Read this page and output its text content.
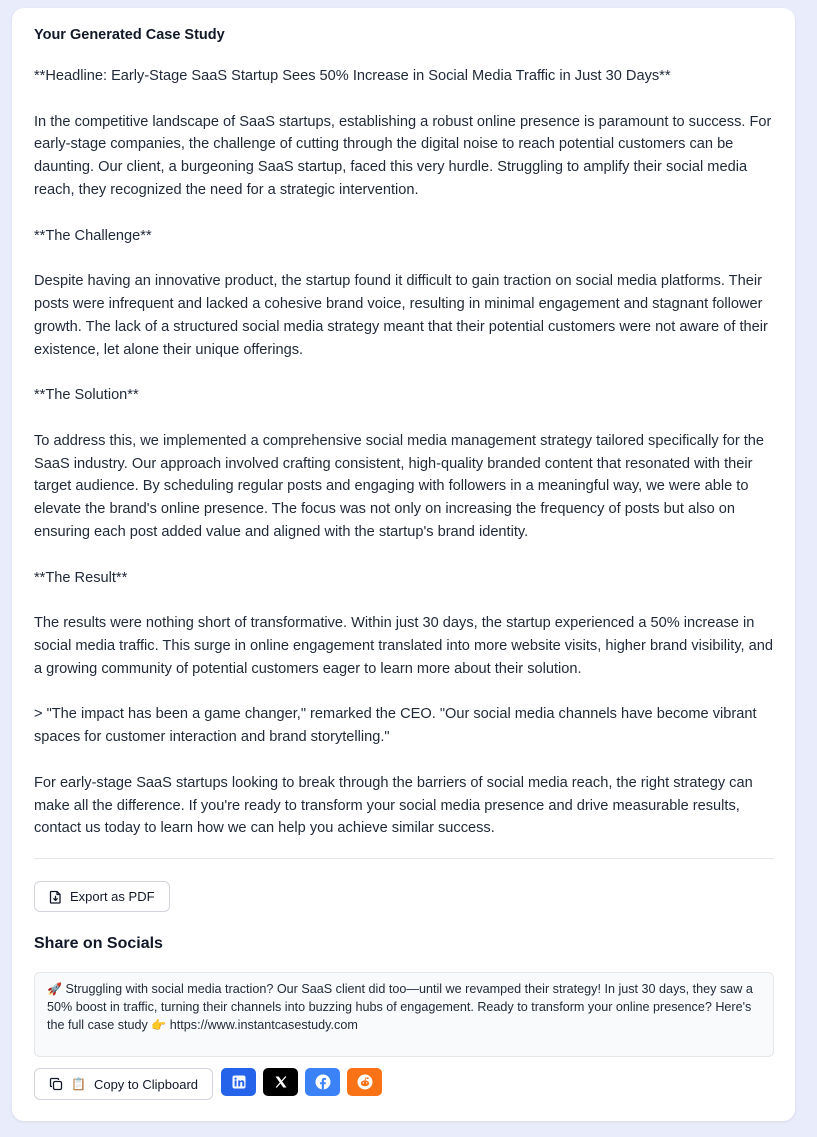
Your Generated Case Study

**Headline: Early-Stage SaaS Startup Sees 50% Increase in Social Media Traffic in Just 30 Days**

In the competitive landscape of SaaS startups, establishing a robust online presence is paramount to success. For early-stage companies, the challenge of cutting through the digital noise to reach potential customers can be daunting. Our client, a burgeoning SaaS startup, faced this very hurdle. Struggling to amplify their social media reach, they recognized the need for a strategic intervention.

**The Challenge**

Despite having an innovative product, the startup found it difficult to gain traction on social media platforms. Their posts were infrequent and lacked a cohesive brand voice, resulting in minimal engagement and stagnant follower growth. The lack of a structured social media strategy meant that their potential customers were not aware of their existence, let alone their unique offerings.

**The Solution**

To address this, we implemented a comprehensive social media management strategy tailored specifically for the SaaS industry. Our approach involved crafting consistent, high-quality branded content that resonated with their target audience. By scheduling regular posts and engaging with followers in a meaningful way, we were able to elevate the brand's online presence. The focus was not only on increasing the frequency of posts but also on ensuring each post added value and aligned with the startup's brand identity.

**The Result**

The results were nothing short of transformative. Within just 30 days, the startup experienced a 50% increase in social media traffic. This surge in online engagement translated into more website visits, higher brand visibility, and a growing community of potential customers eager to learn more about their solution.

> "The impact has been a game changer," remarked the CEO. "Our social media channels have become vibrant spaces for customer interaction and brand storytelling."

For early-stage SaaS startups looking to break through the barriers of social media reach, the right strategy can make all the difference. If you're ready to transform your social media presence and drive measurable results, contact us today to learn how we can help you achieve similar success.

Export as PDF
Share on Socials
🚀 Struggling with social media traction? Our SaaS client did too—until we revamped their strategy! In just 30 days, they saw a 50% boost in traffic, turning their channels into buzzing hubs of engagement. Ready to transform your online presence? Here's the full case study 👉 https://www.instantcasestudy.com
📋 Copy to Clipboard
